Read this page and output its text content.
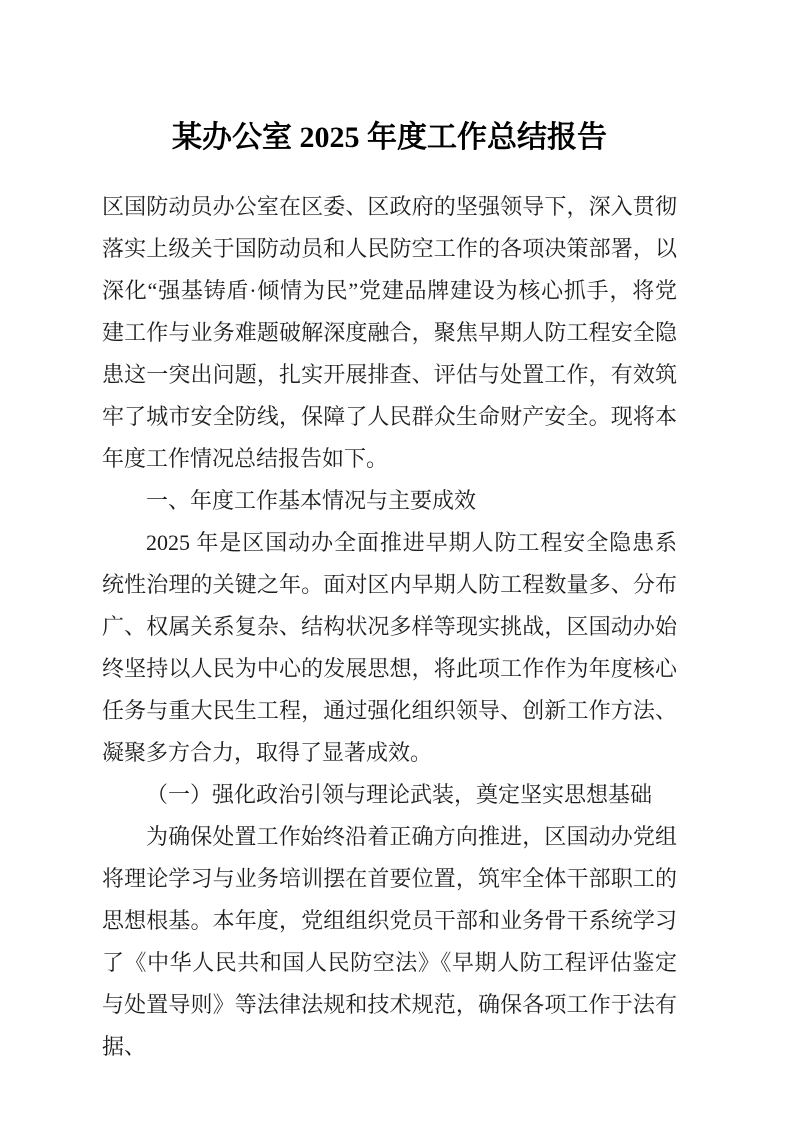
某办公室 2025 年度工作总结报告

区国防动员办公室在区委、区政府的坚强领导下，深入贯彻落实上级关于国防动员和人民防空工作的各项决策部署，以深化“强基铸盾·倾情为民”党建品牌建设为核心抓手，将党建工作与业务难题破解深度融合，聚焦早期人防工程安全隐患这一突出问题，扎实开展排查、评估与处置工作，有效筑牢了城市安全防线，保障了人民群众生命财产安全。现将本年度工作情况总结报告如下。

一、年度工作基本情况与主要成效

2025 年是区国动办全面推进早期人防工程安全隐患系统性治理的关键之年。面对区内早期人防工程数量多、分布广、权属关系复杂、结构状况多样等现实挑战，区国动办始终坚持以人民为中心的发展思想，将此项工作作为年度核心任务与重大民生工程，通过强化组织领导、创新工作方法、凝聚多方合力，取得了显著成效。

（一）强化政治引领与理论武装，奠定坚实思想基础

为确保处置工作始终沿着正确方向推进，区国动办党组将理论学习与业务培训摆在首要位置，筑牢全体干部职工的思想根基。本年度，党组组织党员干部和业务骨干系统学习了《中华人民共和国人民防空法》《早期人防工程评估鉴定与处置导则》等法律法规和技术规范，确保各项工作于法有据、
